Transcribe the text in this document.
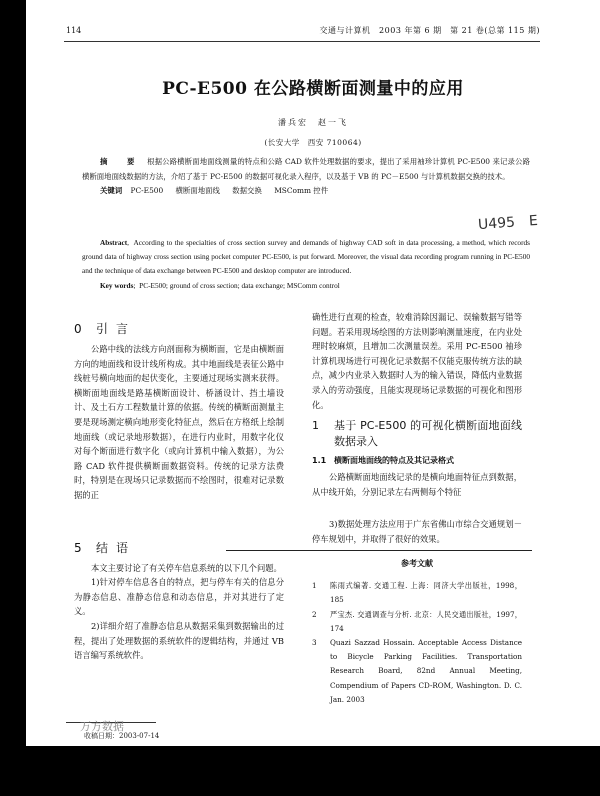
114	交通与计算机　2003 年第 6 期　第 21 卷(总第 115 期)
PC-E500 在公路横断面测量中的应用
潘兵宏　赵一飞
(长安大学　西安 710064)

摘　要 根据公路横断面地面线测量的特点和公路 CAD 软件处理数据的要求，提出了采用袖珍计算机 PC-E500 来记录公路横断面地面线数据的方法，介绍了基于 PC-E500 的数据可视化录入程序，以及基于 VB 的 PC－E500 与计算机数据交换的技术。

关键词 PC-E500 横断面地面线 数据交换 MSComm 控件

U495　E

Abstract,  According to the specialties of cross section survey and demands of highway CAD soft in data processing, a method, which records ground data of highway cross section using pocket computer PC-E500, is put forward. Moreover, the visual data recording program running in PC-E500 and the technique of data exchange between PC-E500 and desktop computer are introduced.

Key words;  PC-E500; ground of cross section; data exchange; MSComm control

0 引言

公路中线的法线方向剖面称为横断面，它是由横断面方向的地面线和设计线所构成。其中地面线是表征公路中线桩号横向地面的起伏变化，主要通过现场实测来获得。横断面地面线是路基横断面设计、桥涵设计、挡土墙设计、及土石方工程数量计算的依据。传统的横断面测量主要是现场测定横向地形变化特征点，然后在方格纸上绘制地面线（或记录地形数据），在进行内业时，用数字化仪对每个断面进行数字化（或向计算机中输入数据），为公路 CAD 软件提供横断面数据资料。传统的记录方法费时，特别是在现场只记录数据而不绘图时，很难对记录数据的正

5 结语

本文主要讨论了有关停车信息系统的以下几个问题。

1)针对停车信息各自的特点，把与停车有关的信息分为静态信息、准静态信息和动态信息，并对其进行了定义。

2)详细介绍了准静态信息从数据采集到数据输出的过程，提出了处理数据的系统软件的逻辑结构，并通过 VB 语言编写系统软件。

确性进行直观的检查，较难消除因漏记、误输数据写错等问题。若采用现场绘图的方法则影响测量速度，在内业处理时较麻烦，且增加二次测量误差。采用 PC-E500 袖珍计算机现场进行可视化记录数据不仅能克服传统方法的缺点，减少内业录入数据时人为的输入错误，降低内业数据录入的劳动强度，且能实现现场记录数据的可视化和图形化。

1	基于 PC-E500 的可视化横断面地面线数据录入
1.1 横断面地面线的特点及其记录格式

公路横断面地面线记录的是横向地面特征点到数据，从中线开始，分别记录左右两侧每个特征

3)数据处理方法应用于广东省佛山市综合交通规划－停车规划中，并取得了很好的效果。

参考文献
1	陈雨式编著. 交通工程. 上海：同济大学出版社，1998，185
2	严宝杰. 交通调查与分析. 北京：人民交通出版社，1997，174
3	Quazi Sazzad Hossain. Acceptable Access Distance to Bicycle Parking Facilities. Transportation Research Board, 82nd Annual Meeting, Compendium of Papers CD-ROM, Washington. D. C. Jan. 2003
万方数据
收稿日期：2003-07-14
